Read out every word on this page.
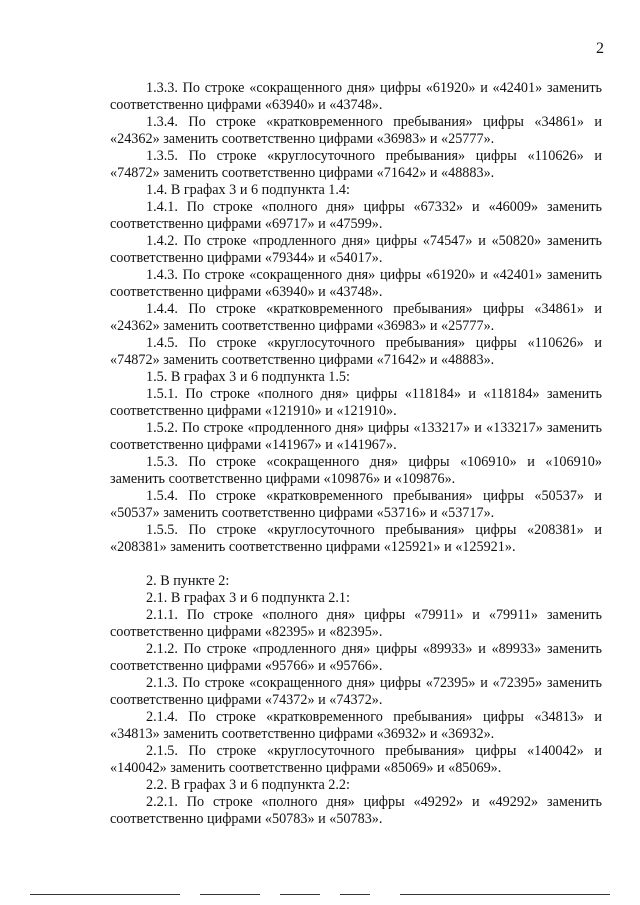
2

1.3.3. По строке «сокращенного дня» цифры «61920» и «42401» заменить соответственно цифрами «63940» и «43748».

1.3.4. По строке «кратковременного пребывания» цифры «34861» и «24362» заменить соответственно цифрами «36983» и «25777».

1.3.5. По строке «круглосуточного пребывания» цифры «110626» и «74872» заменить соответственно цифрами «71642» и «48883».

1.4. В графах 3 и 6 подпункта 1.4:

1.4.1. По строке «полного дня» цифры «67332» и «46009» заменить соответственно цифрами «69717» и «47599».

1.4.2. По строке «продленного дня» цифры «74547» и «50820» заменить соответственно цифрами «79344» и «54017».

1.4.3. По строке «сокращенного дня» цифры «61920» и «42401» заменить соответственно цифрами «63940» и «43748».

1.4.4. По строке «кратковременного пребывания» цифры «34861» и «24362» заменить соответственно цифрами «36983» и «25777».

1.4.5. По строке «круглосуточного пребывания» цифры «110626» и «74872» заменить соответственно цифрами «71642» и «48883».

1.5. В графах 3 и 6 подпункта 1.5:

1.5.1. По строке «полного дня» цифры «118184» и «118184» заменить соответственно цифрами «121910» и «121910».

1.5.2. По строке «продленного дня» цифры «133217» и «133217» заменить соответственно цифрами «141967» и «141967».

1.5.3. По строке «сокращенного дня» цифры «106910» и «106910» заменить соответственно цифрами «109876» и «109876».

1.5.4. По строке «кратковременного пребывания» цифры «50537» и «50537» заменить соответственно цифрами «53716» и «53717».

1.5.5. По строке «круглосуточного пребывания» цифры «208381» и «208381» заменить соответственно цифрами «125921» и «125921».

2. В пункте 2:

2.1. В графах 3 и 6 подпункта 2.1:

2.1.1. По строке «полного дня» цифры «79911» и «79911» заменить соответственно цифрами «82395» и «82395».

2.1.2. По строке «продленного дня» цифры «89933» и «89933» заменить соответственно цифрами «95766» и «95766».

2.1.3. По строке «сокращенного дня» цифры «72395» и «72395» заменить соответственно цифрами «74372» и «74372».

2.1.4. По строке «кратковременного пребывания» цифры «34813» и «34813» заменить соответственно цифрами «36932» и «36932».

2.1.5. По строке «круглосуточного пребывания» цифры «140042» и «140042» заменить соответственно цифрами «85069» и «85069».

2.2. В графах 3 и 6 подпункта 2.2:

2.2.1. По строке «полного дня» цифры «49292» и «49292» заменить соответственно цифрами «50783» и «50783».
